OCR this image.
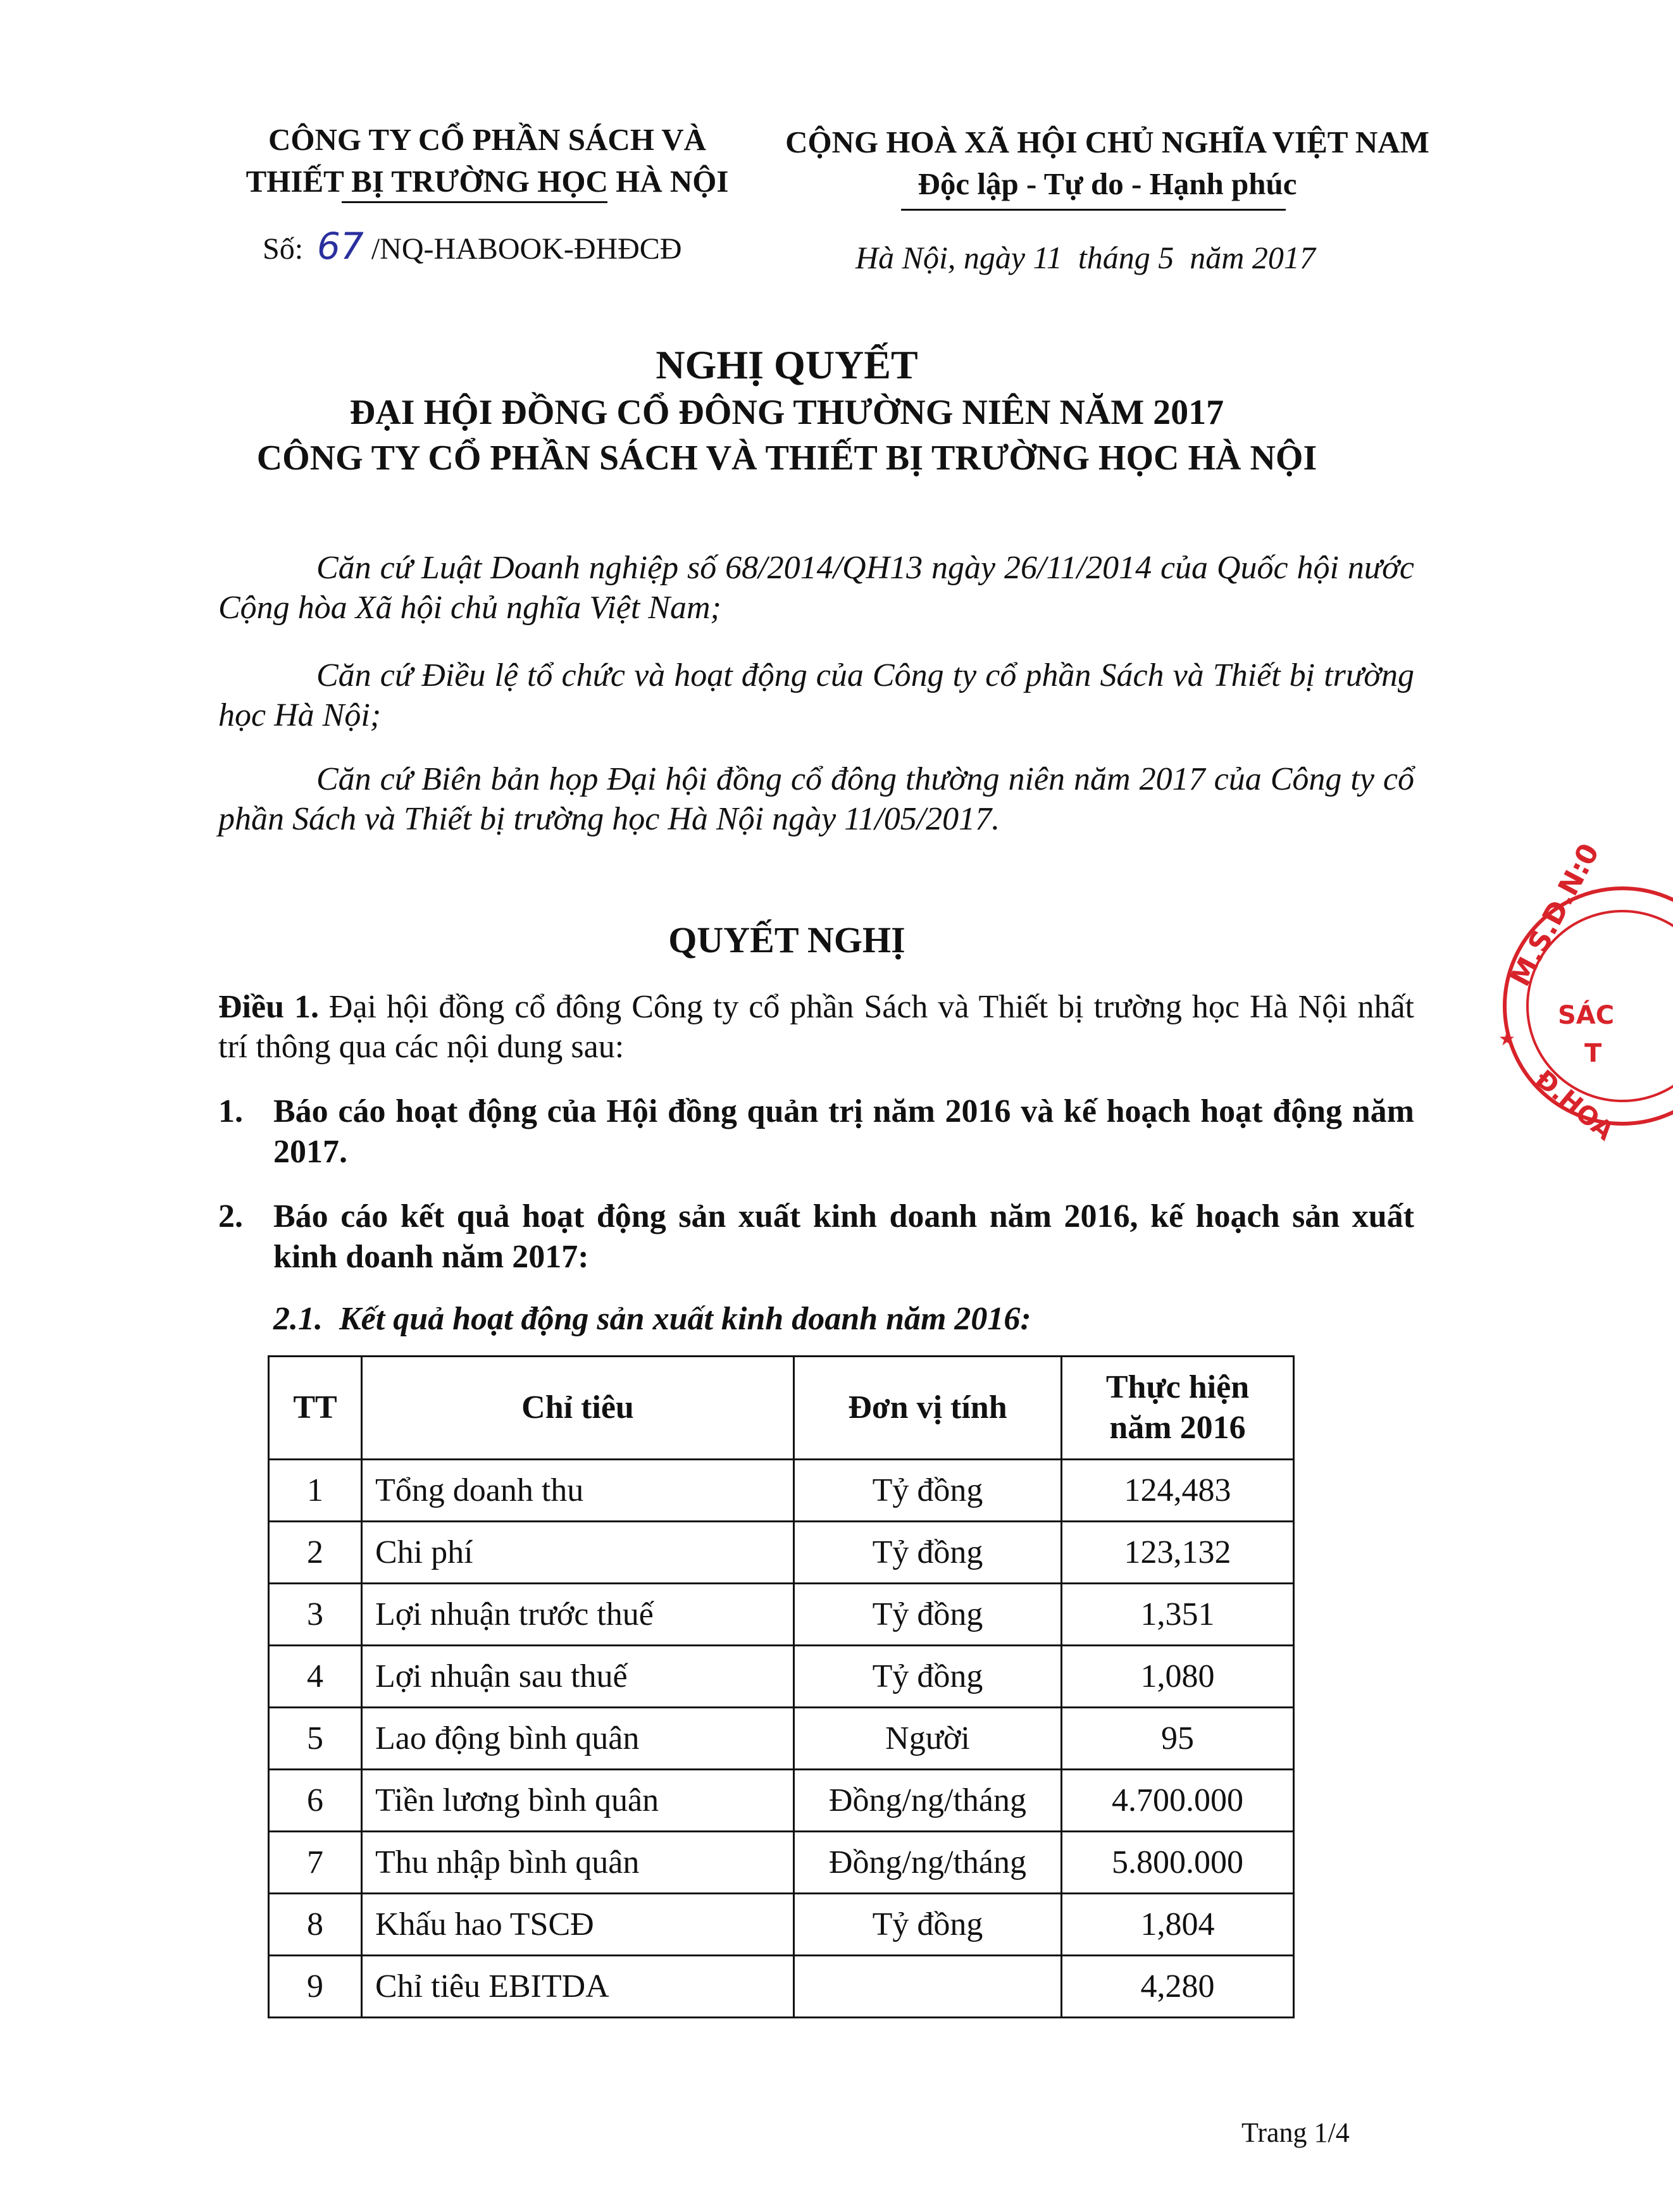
CÔNG TY CỔ PHẦN SÁCH VÀ
THIẾT BỊ TRƯỜNG HỌC HÀ NỘI
Số: 67 /NQ-HABOOK-ĐHĐCĐ
CỘNG HOÀ XÃ HỘI CHỦ NGHĨA VIỆT NAM
Độc lập - Tự do - Hạnh phúc
Hà Nội, ngày 11  tháng 5  năm 2017
NGHỊ QUYẾT
ĐẠI HỘI ĐỒNG CỔ ĐÔNG THƯỜNG NIÊN NĂM 2017
CÔNG TY CỔ PHẦN SÁCH VÀ THIẾT BỊ TRƯỜNG HỌC HÀ NỘI
Căn cứ Luật Doanh nghiệp số 68/2014/QH13 ngày 26/11/2014 của Quốc hội nước Cộng hòa Xã hội chủ nghĩa Việt Nam;
Căn cứ Điều lệ tổ chức và hoạt động của Công ty cổ phần Sách và Thiết bị trường học Hà Nội;
Căn cứ Biên bản họp Đại hội đồng cổ đông thường niên năm 2017 của Công ty cổ phần Sách và Thiết bị trường học Hà Nội ngày 11/05/2017.
QUYẾT NGHỊ
Điều 1. Đại hội đồng cổ đông Công ty cổ phần Sách và Thiết bị trường học Hà Nội nhất trí thông qua các nội dung sau:
1. Báo cáo hoạt động của Hội đồng quản trị năm 2016 và kế hoạch hoạt động năm 2017.
2. Báo cáo kết quả hoạt động sản xuất kinh doanh năm 2016, kế hoạch sản xuất kinh doanh năm 2017:
2.1.  Kết quả hoạt động sản xuất kinh doanh năm 2016:
TT	Chỉ tiêu	Đơn vị tính	Thực hiện năm 2016
1	Tổng doanh thu	Tỷ đồng	124,483
2	Chi phí	Tỷ đồng	123,132
3	Lợi nhuận trước thuế	Tỷ đồng	1,351
4	Lợi nhuận sau thuế	Tỷ đồng	1,080
5	Lao động bình quân	Người	95
6	Tiền lương bình quân	Đồng/ng/tháng	4.700.000
7	Thu nhập bình quân	Đồng/ng/tháng	5.800.000
8	Khấu hao TSCĐ	Tỷ đồng	1,804
9	Chỉ tiêu EBITDA		4,280
Trang 1/4
M.S.D.N:0
SÁC
T
Đ.HOA
★
